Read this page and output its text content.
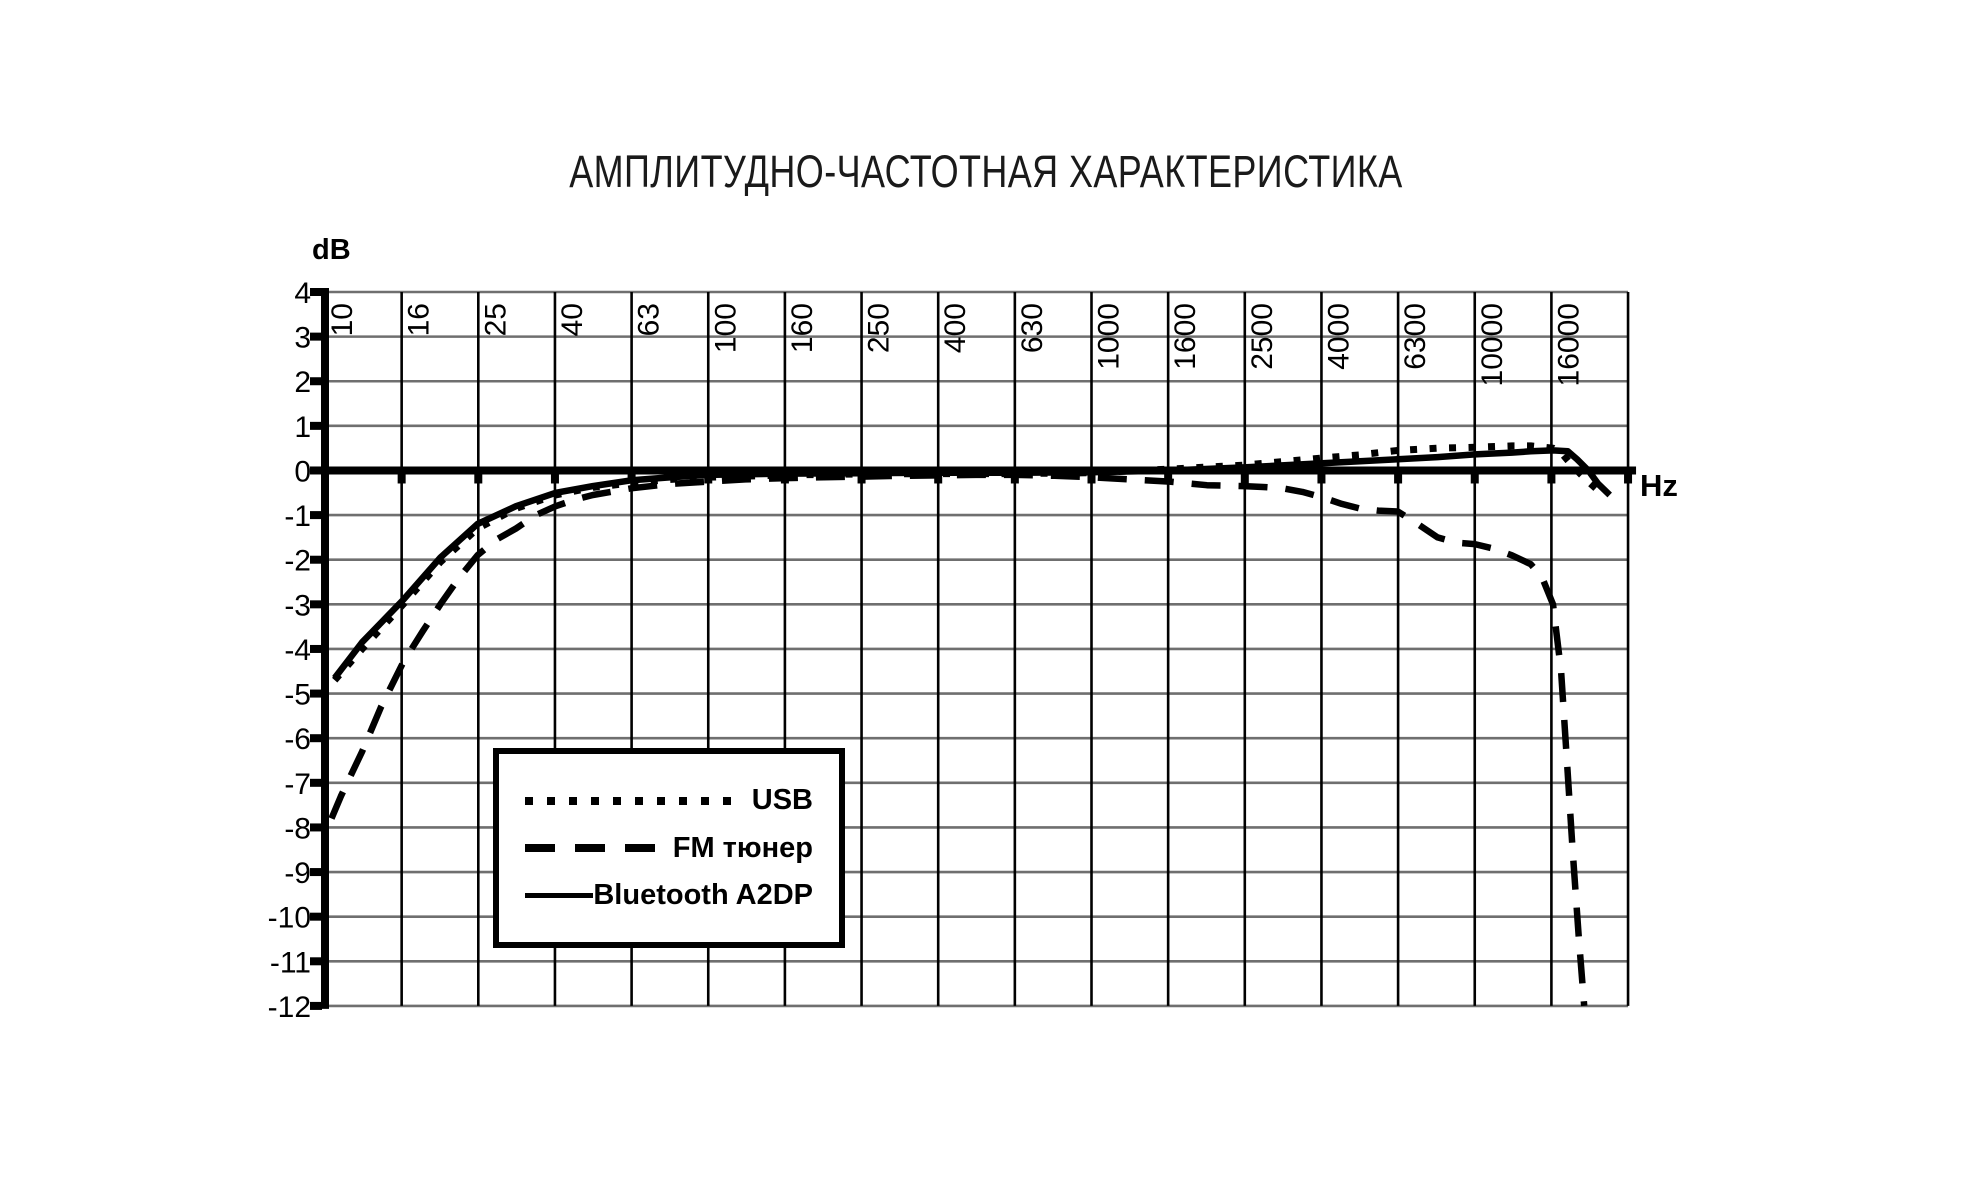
АМПЛИТУДНО-ЧАСТОТНАЯ ХАРАКТЕРИСТИКА
dB
Hz
10 16 25 40 63 100 160 250 400 630 1000 1600 2500 4000 6300 10000 16000
4
3
2
1
0
-1
-2
-3
-4
-5
-6
-7
-8
-9
-10
-11
-12
USB
FM тюнер
Bluetooth A2DP
